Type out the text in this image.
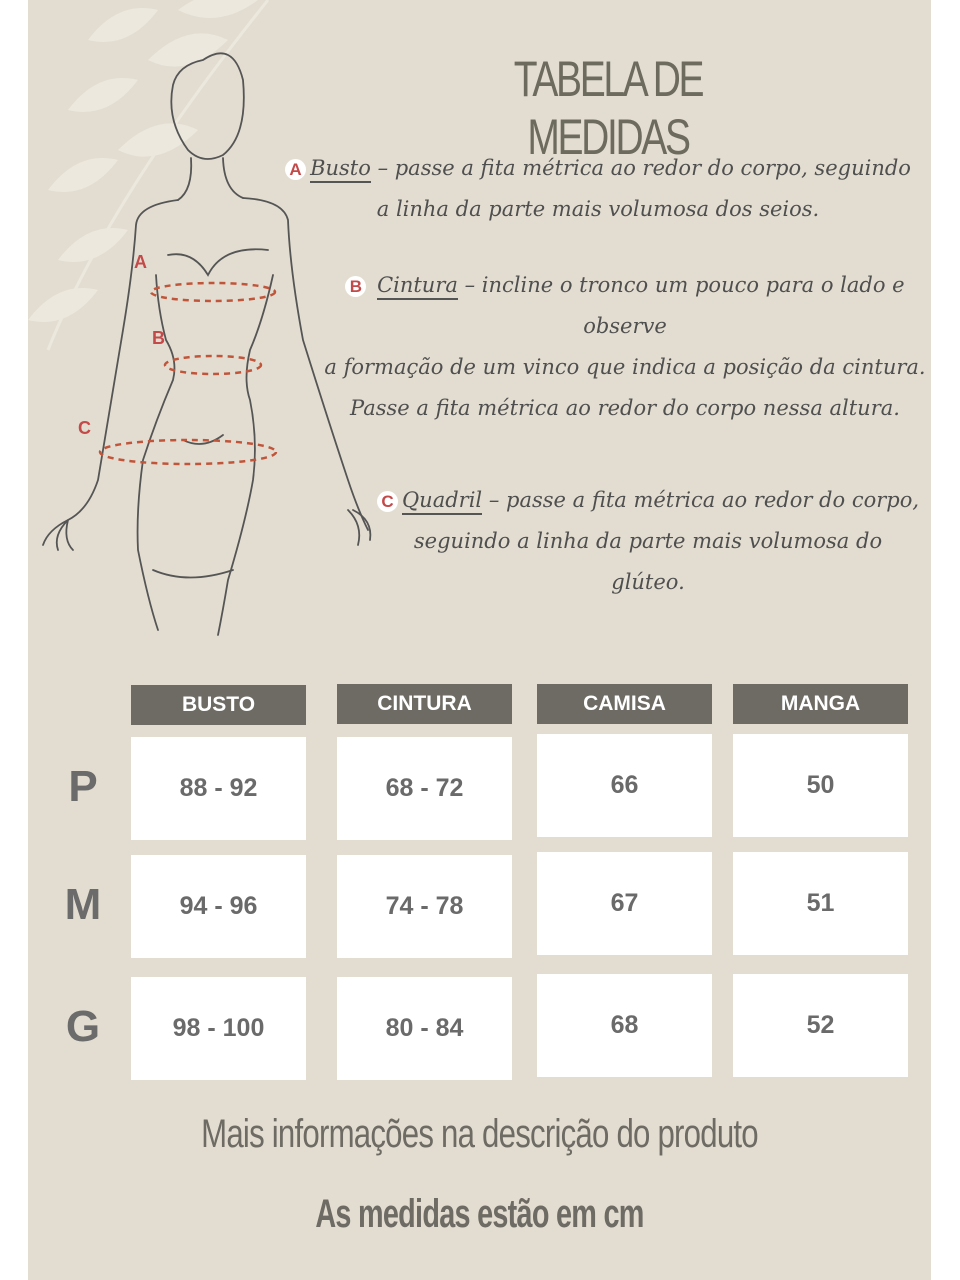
TABELA DE MEDIDAS
A
B
C
A Busto – passe a fita métrica ao redor do corpo, seguindo
a linha da parte mais volumosa dos seios.
B Cintura – incline o tronco um pouco para o lado e
observe
a formação de um vinco que indica a posição da cintura.
Passe a fita métrica ao redor do corpo nessa altura.
C Quadril – passe a fita métrica ao redor do corpo,
seguindo a linha da parte mais volumosa do
glúteo.
BUSTO	CINTURA	CAMISA	MANGA
P	88 - 92	68 - 72	66	50
M	94 - 96	74 - 78	67	51
G	98 - 100	80 - 84	68	52
Mais informações na descrição do produto
As medidas estão em cm
